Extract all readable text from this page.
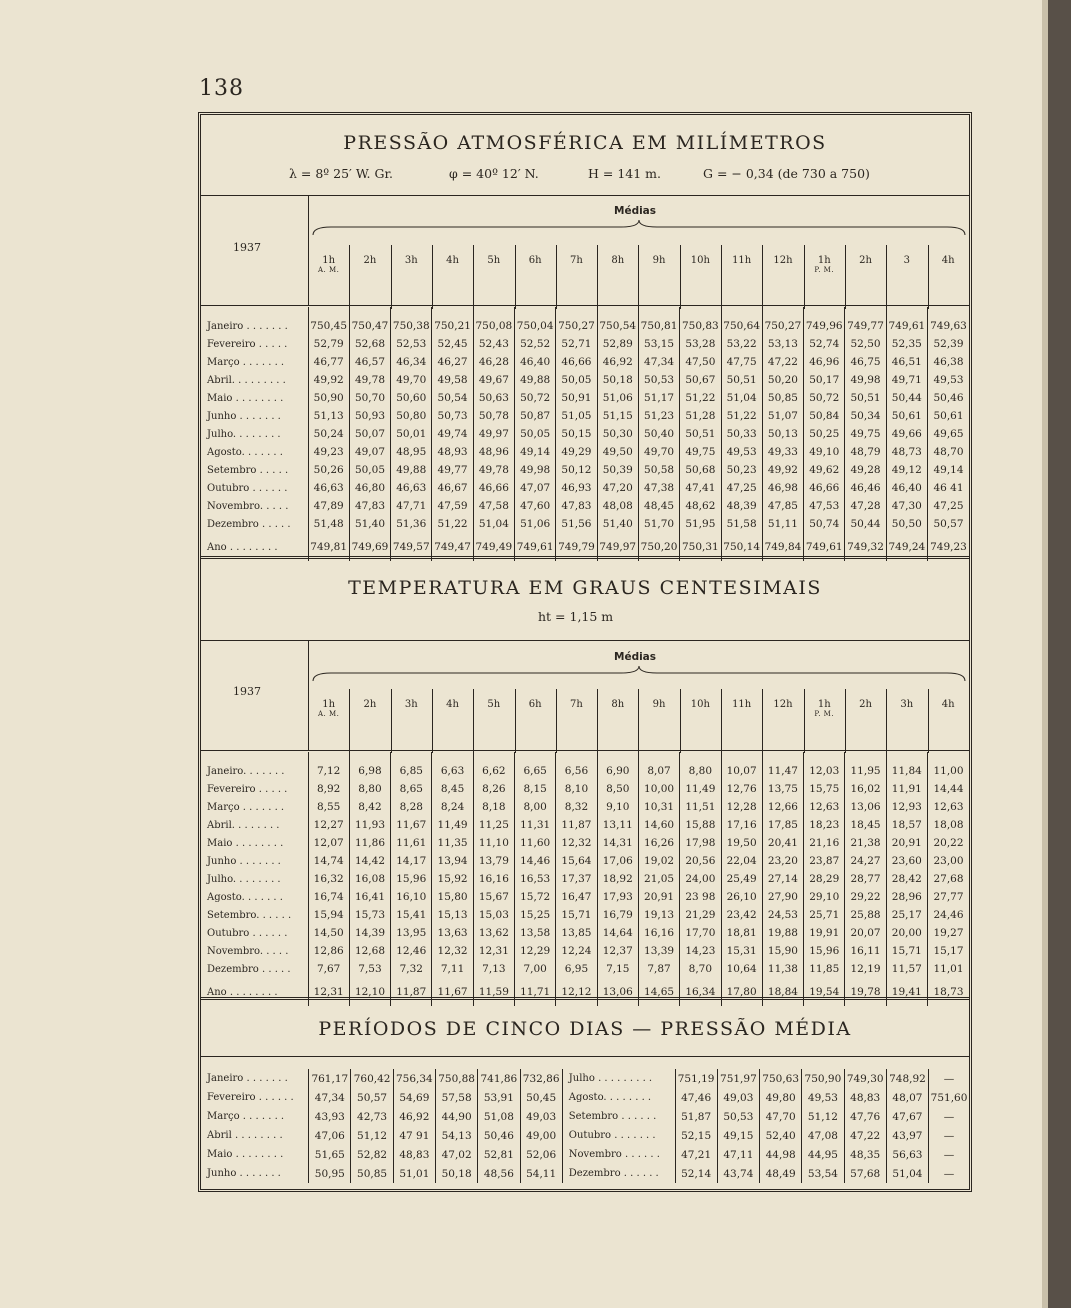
138
PRESSÃO ATMOSFÉRICA EM MILÍMETROS
λ = 8º 25′ W. Gr.	φ = 40º 12′ N.	H = 141 m.	G = − 0,34 (de 730 a 750)
1937
Médias
1h
A. M.
2h	3h	4h	5h	6h	7h	8h	9h	10h	11h	12h	1h
P. M.
2h	3	4h

Janeiro . . . . . . .	750,45	750,47	750,38	750,21	750,08	750,04	750,27	750,54	750,81	750,83	750,64	750,27	749,96	749,77	749,61	749,63
Fevereiro . . . . .	52,79	52,68	52,53	52,45	52,43	52,52	52,71	52,89	53,15	53,28	53,22	53,13	52,74	52,50	52,35	52,39
Março . . . . . . .	46,77	46,57	46,34	46,27	46,28	46,40	46,66	46,92	47,34	47,50	47,75	47,22	46,96	46,75	46,51	46,38
Abril. . . . . . . . .	49,92	49,78	49,70	49,58	49,67	49,88	50,05	50,18	50,53	50,67	50,51	50,20	50,17	49,98	49,71	49,53
Maio . . . . . . . .	50,90	50,70	50,60	50,54	50,63	50,72	50,91	51,06	51,17	51,22	51,04	50,85	50,72	50,51	50,44	50,46
Junho . . . . . . .	51,13	50,93	50,80	50,73	50,78	50,87	51,05	51,15	51,23	51,28	51,22	51,07	50,84	50,34	50,61	50,61
Julho. . . . . . . .	50,24	50,07	50,01	49,74	49,97	50,05	50,15	50,30	50,40	50,51	50,33	50,13	50,25	49,75	49,66	49,65
Agosto. . . . . . .	49,23	49,07	48,95	48,93	48,96	49,14	49,29	49,50	49,70	49,75	49,53	49,33	49,10	48,79	48,73	48,70
Setembro . . . . .	50,26	50,05	49,88	49,77	49,78	49,98	50,12	50,39	50,58	50,68	50,23	49,92	49,62	49,28	49,12	49,14
Outubro . . . . . .	46,63	46,80	46,63	46,67	46,66	47,07	46,93	47,20	47,38	47,41	47,25	46,98	46,66	46,46	46,40	46 41
Novembro. . . . .	47,89	47,83	47,71	47,59	47,58	47,60	47,83	48,08	48,45	48,62	48,39	47,85	47,53	47,28	47,30	47,25
Dezembro . . . . .	51,48	51,40	51,36	51,22	51,04	51,06	51,56	51,40	51,70	51,95	51,58	51,11	50,74	50,44	50,50	50,57
Ano . . . . . . . .	749,81	749,69	749,57	749,47	749,49	749,61	749,79	749,97	750,20	750,31	750,14	749,84	749,61	749,32	749,24	749,23
TEMPERATURA EM GRAUS CENTESIMAIS
ht = 1,15 m
1937
Médias
1h
A. M.
2h	3h	4h	5h	6h	7h	8h	9h	10h	11h	12h	1h
P. M.
2h	3h	4h

Janeiro. . . . . . .	7,12	6,98	6,85	6,63	6,62	6,65	6,56	6,90	8,07	8,80	10,07	11,47	12,03	11,95	11,84	11,00
Fevereiro . . . . .	8,92	8,80	8,65	8,45	8,26	8,15	8,10	8,50	10,00	11,49	12,76	13,75	15,75	16,02	11,91	14,44
Março . . . . . . .	8,55	8,42	8,28	8,24	8,18	8,00	8,32	9,10	10,31	11,51	12,28	12,66	12,63	13,06	12,93	12,63
Abril. . . . . . . .	12,27	11,93	11,67	11,49	11,25	11,31	11,87	13,11	14,60	15,88	17,16	17,85	18,23	18,45	18,57	18,08
Maio . . . . . . . .	12,07	11,86	11,61	11,35	11,10	11,60	12,32	14,31	16,26	17,98	19,50	20,41	21,16	21,38	20,91	20,22
Junho . . . . . . .	14,74	14,42	14,17	13,94	13,79	14,46	15,64	17,06	19,02	20,56	22,04	23,20	23,87	24,27	23,60	23,00
Julho. . . . . . . .	16,32	16,08	15,96	15,92	16,16	16,53	17,37	18,92	21,05	24,00	25,49	27,14	28,29	28,77	28,42	27,68
Agosto. . . . . . .	16,74	16,41	16,10	15,80	15,67	15,72	16,47	17,93	20,91	23 98	26,10	27,90	29,10	29,22	28,96	27,77
Setembro. . . . . .	15,94	15,73	15,41	15,13	15,03	15,25	15,71	16,79	19,13	21,29	23,42	24,53	25,71	25,88	25,17	24,46
Outubro . . . . . .	14,50	14,39	13,95	13,63	13,62	13,58	13,85	14,64	16,16	17,70	18,81	19,88	19,91	20,07	20,00	19,27
Novembro. . . . .	12,86	12,68	12,46	12,32	12,31	12,29	12,24	12,37	13,39	14,23	15,31	15,90	15,96	16,11	15,71	15,17
Dezembro . . . . .	7,67	7,53	7,32	7,11	7,13	7,00	6,95	7,15	7,87	8,70	10,64	11,38	11,85	12,19	11,57	11,01
Ano . . . . . . . .	12,31	12,10	11,87	11,67	11,59	11,71	12,12	13,06	14,65	16,34	17,80	18,84	19,54	19,78	19,41	18,73
PERÍODOS DE CINCO DIAS — PRESSÃO MÉDIA
Janeiro . . . . . . .	761,17	760,42	756,34	750,88	741,86	732,86	Julho . . . . . . . . .	751,19	751,97	750,63	750,90	749,30	748,92	—
Fevereiro . . . . . .	47,34	50,57	54,69	57,58	53,91	50,45	Agosto. . . . . . . .	47,46	49,03	49,80	49,53	48,83	48,07	751,60
Março . . . . . . .	43,93	42,73	46,92	44,90	51,08	49,03	Setembro . . . . . .	51,87	50,53	47,70	51,12	47,76	47,67	—
Abril . . . . . . . .	47,06	51,12	47 91	54,13	50,46	49,00	Outubro . . . . . . .	52,15	49,15	52,40	47,08	47,22	43,97	—
Maio . . . . . . . .	51,65	52,82	48,83	47,02	52,81	52,06	Novembro . . . . . .	47,21	47,11	44,98	44,95	48,35	56,63	—
Junho . . . . . . .	50,95	50,85	51,01	50,18	48,56	54,11	Dezembro . . . . . .	52,14	43,74	48,49	53,54	57,68	51,04	—
